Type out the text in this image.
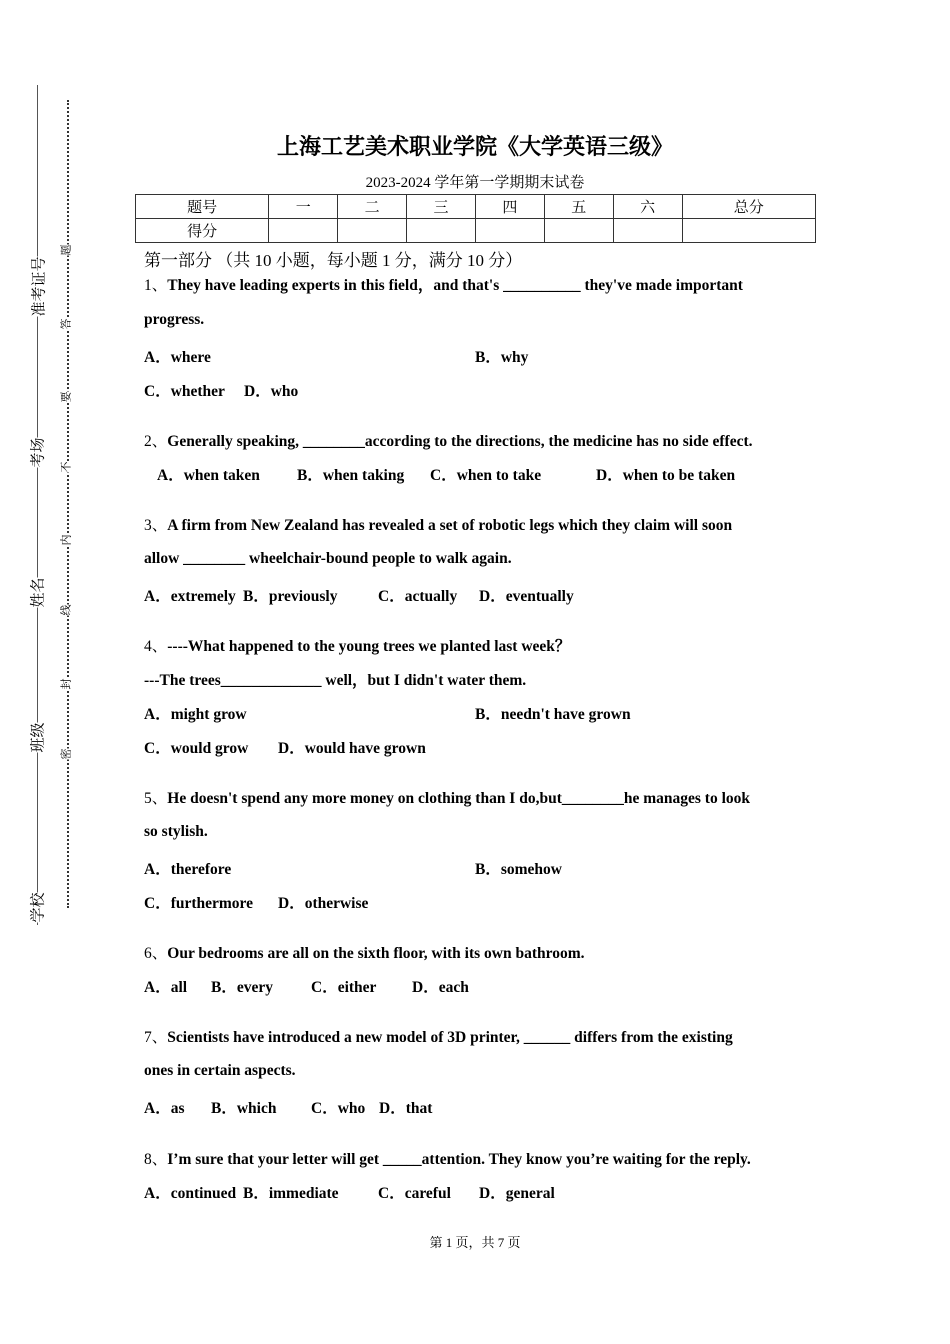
学校
班级
姓名
考场
准考证号
题
答
要
不
内
线
封
密
上海工艺美术职业学院《大学英语三级》
2023-2024 学年第一学期期末试卷
题号	一	二	三	四	五	六	总分
得分							
第一部分 （共 10 小题，每小题 1 分，满分 10 分）
1、They have leading experts in this field，and that's __________ they've made important
progress.
A．where	B．why
C．whether D．who
2、Generally speaking, ________according to the directions, the medicine has no side effect.
A．when taken B．when taking C．when to take	D．when to be taken
3、A firm from New Zealand has revealed a set of robotic legs which they claim will soon
allow ________ wheelchair-bound people to walk again.
A．extremely B．previously	C．actually D．eventually
4、----What happened to the young trees we planted last week？
---The trees_____________ well，but I didn't water them.
A．might grow	B．needn't have grown
C．would grow D．would have grown
5、He doesn't spend any more money on clothing than I do,but________he manages to look
so stylish.
A．therefore	B．somehow
C．furthermore D．otherwise
6、Our bedrooms are all on the sixth floor, with its own bathroom.
A．all B．every C．either D．each
7、Scientists have introduced a new model of 3D printer, ______ differs from the existing
ones in certain aspects.
A．as B．which C．who D．that
8、I’m sure that your letter will get _____attention. They know you’re waiting for the reply.
A．continued B．immediate	C．careful D．general
第 1 页，共 7 页
